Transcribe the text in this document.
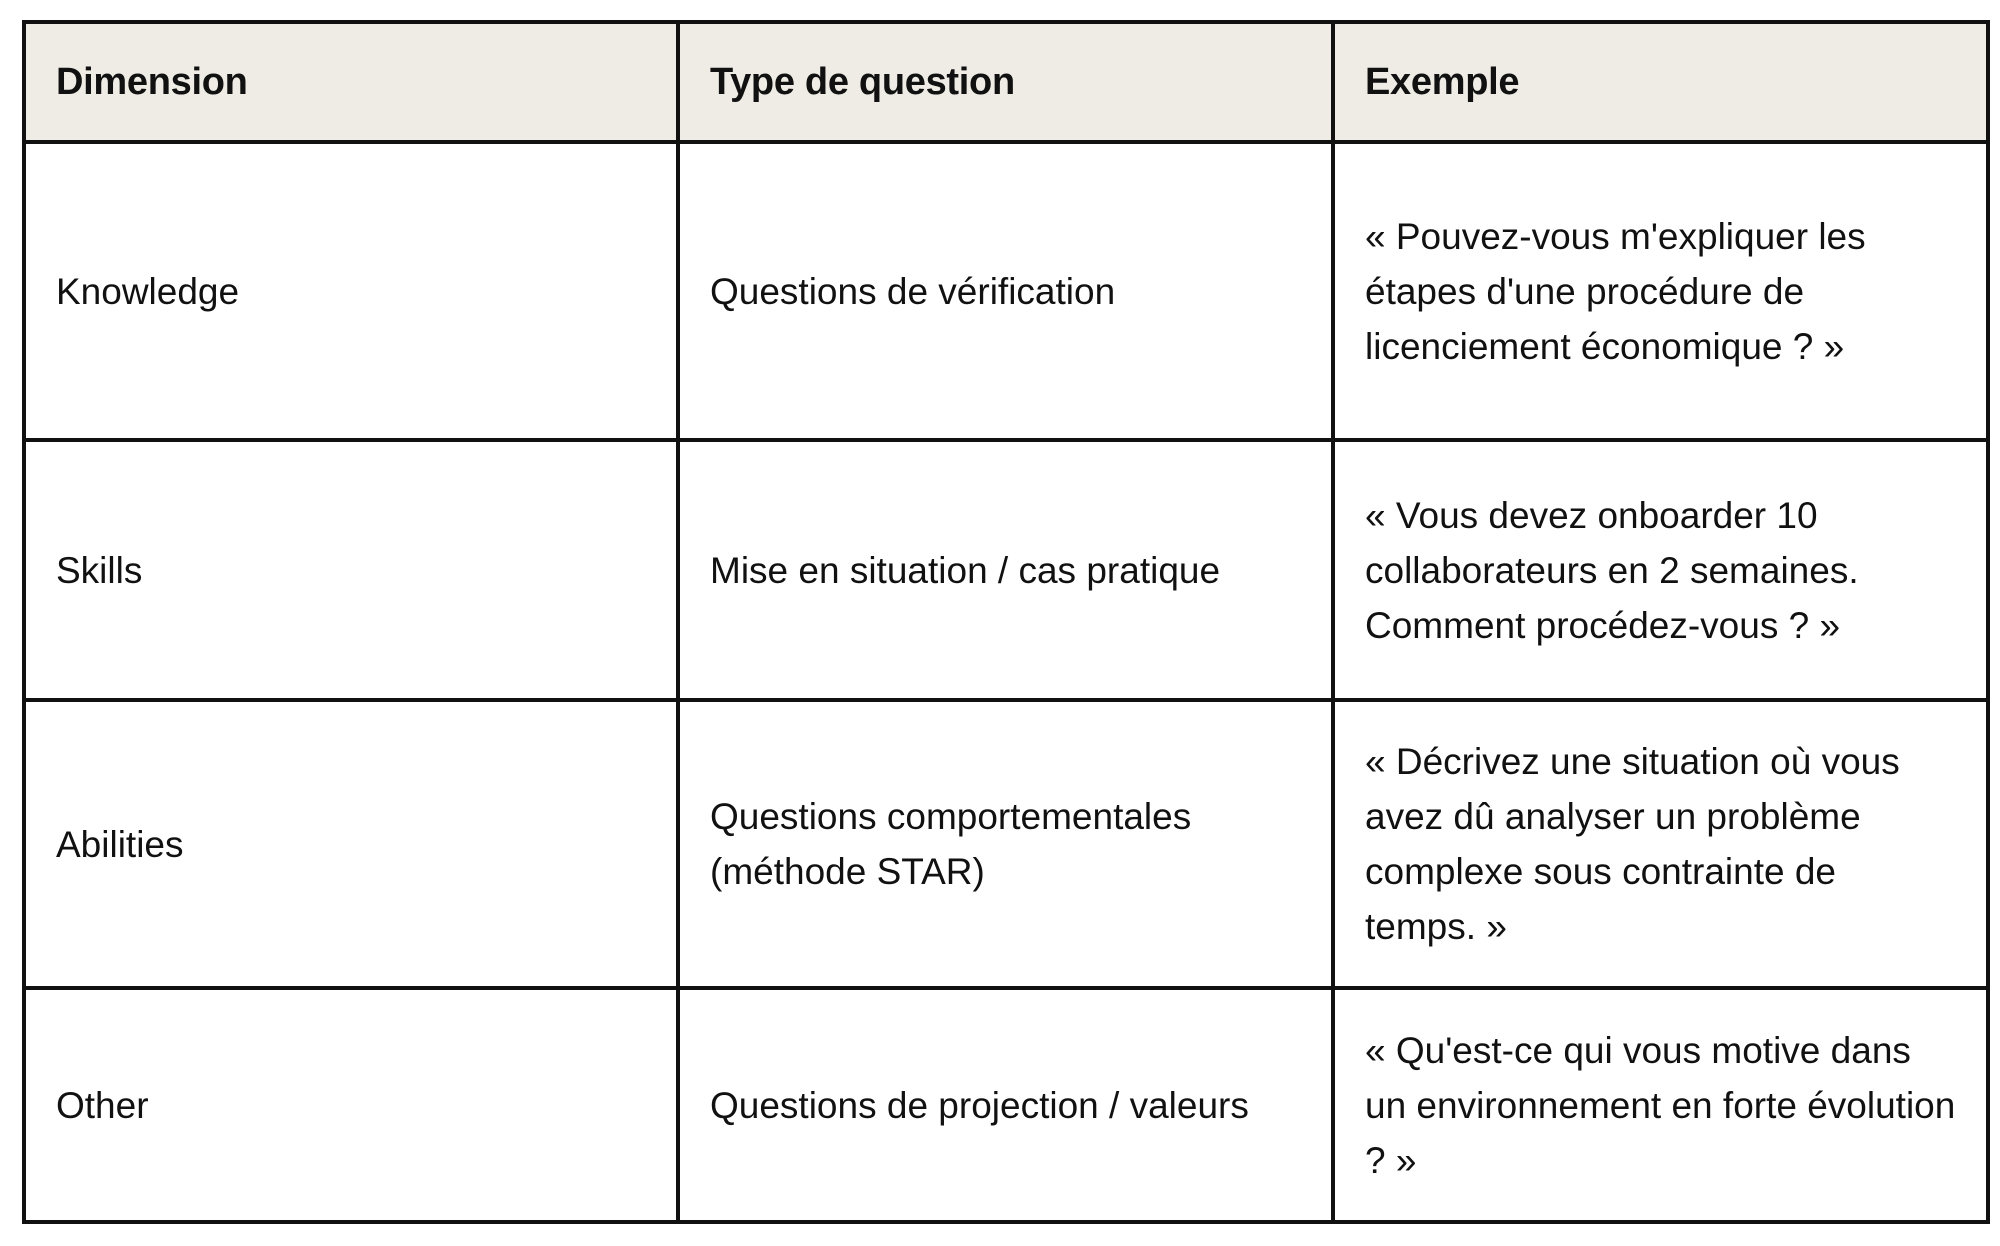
Dimension	Type de question	Exemple

Knowledge	Questions de vérification	« Pouvez-vous m'expliquer les étapes d'une procédure de licenciement économique ? »

Skills	Mise en situation / cas pratique	« Vous devez onboarder 10 collaborateurs en 2 semaines. Comment procédez-vous ? »

Abilities	Questions comportementales (méthode STAR)	« Décrivez une situation où vous avez dû analyser un problème complexe sous contrainte de temps. »

Other	Questions de projection / valeurs	« Qu'est-ce qui vous motive dans un environnement en forte évolution ? »
